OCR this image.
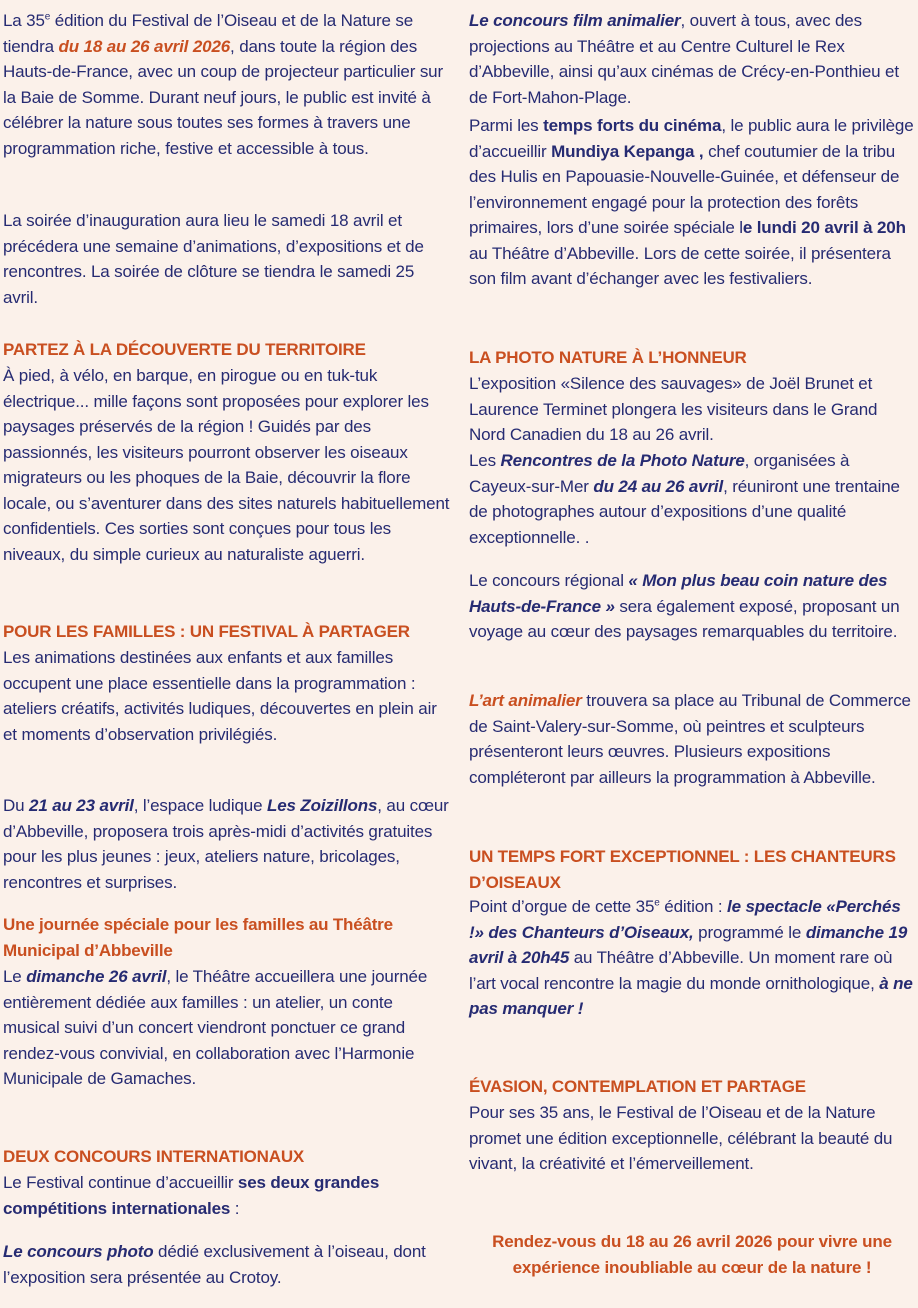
La 35e édition du Festival de l’Oiseau et de la Nature se tiendra du 18 au 26 avril 2026, dans toute la région des Hauts-de-France, avec un coup de projecteur particulier sur la Baie de Somme. Durant neuf jours, le public est invité à célébrer la nature sous toutes ses formes à travers une programmation riche, festive et accessible à tous.

La soirée d’inauguration aura lieu le samedi 18 avril et précédera une semaine d’animations, d’expositions et de rencontres. La soirée de clôture se tiendra le samedi 25 avril.

PARTEZ À LA DÉCOUVERTE DU TERRITOIRE

À pied, à vélo, en barque, en pirogue ou en tuk-tuk électrique... mille façons sont proposées pour explorer les paysages préservés de la région ! Guidés par des passionnés, les visiteurs pourront observer les oiseaux migrateurs ou les phoques de la Baie, découvrir la flore locale, ou s’aventurer dans des sites naturels habituellement confidentiels. Ces sorties sont conçues pour tous les niveaux, du simple curieux au naturaliste aguerri.

POUR LES FAMILLES : UN FESTIVAL À PARTAGER

Les animations destinées aux enfants et aux familles occupent une place essentielle dans la programmation : ateliers créatifs, activités ludiques, découvertes en plein air et moments d’observation privilégiés.

Du 21 au 23 avril, l’espace ludique Les Zoizillons, au cœur d’Abbeville, proposera trois après-midi d’activités gratuites pour les plus jeunes : jeux, ateliers nature, bricolages, rencontres et surprises.

Une journée spéciale pour les familles au Théâtre Municipal d’Abbeville

Le dimanche 26 avril, le Théâtre accueillera une journée entièrement dédiée aux familles : un atelier, un conte musical suivi d’un concert viendront ponctuer ce grand rendez-vous convivial, en collaboration avec l’Harmonie Municipale de Gamaches.

DEUX CONCOURS INTERNATIONAUX

Le Festival continue d’accueillir ses deux grandes compétitions internationales :

Le concours photo dédié exclusivement à l’oiseau, dont l’exposition sera présentée au Crotoy.

Le concours film animalier, ouvert à tous, avec des projections au Théâtre et au Centre Culturel le Rex d’Abbeville, ainsi qu’aux cinémas de Crécy-en-Ponthieu et de Fort-Mahon-Plage.

Parmi les temps forts du cinéma, le public aura le privilège d’accueillir Mundiya Kepanga , chef coutumier de la tribu des Hulis en Papouasie-Nouvelle-Guinée, et défenseur de l’environnement engagé pour la protection des forêts primaires, lors d’une soirée spéciale le lundi 20 avril à 20h au Théâtre d’Abbeville. Lors de cette soirée, il présentera son film avant d’échanger avec les festivaliers.

LA PHOTO NATURE À L’HONNEUR

L’exposition «Silence des sauvages» de Joël Brunet et Laurence Terminet plongera les visiteurs dans le Grand Nord Canadien du 18 au 26 avril.

Les Rencontres de la Photo Nature, organisées à Cayeux-sur-Mer du 24 au 26 avril, réuniront une trentaine de photographes autour d’expositions d’une qualité exceptionnelle. .

Le concours régional « Mon plus beau coin nature des Hauts-de-France » sera également exposé, proposant un voyage au cœur des paysages remarquables du territoire.

L’art animalier trouvera sa place au Tribunal de Commerce de Saint-Valery-sur-Somme, où peintres et sculpteurs présenteront leurs œuvres. Plusieurs expositions compléteront par ailleurs la programmation à Abbeville.

UN TEMPS FORT EXCEPTIONNEL : LES CHANTEURS D’OISEAUX

Point d’orgue de cette 35e édition : le spectacle «Perchés !» des Chanteurs d’Oiseaux, programmé le dimanche 19 avril à 20h45 au Théâtre d’Abbeville. Un moment rare où l’art vocal rencontre la magie du monde ornithologique, à ne pas manquer !

ÉVASION, CONTEMPLATION ET PARTAGE

Pour ses 35 ans, le Festival de l’Oiseau et de la Nature promet une édition exceptionnelle, célébrant la beauté du vivant, la créativité et l’émerveillement.

Rendez-vous du 18 au 26 avril 2026 pour vivre une expérience inoubliable au cœur de la nature !
